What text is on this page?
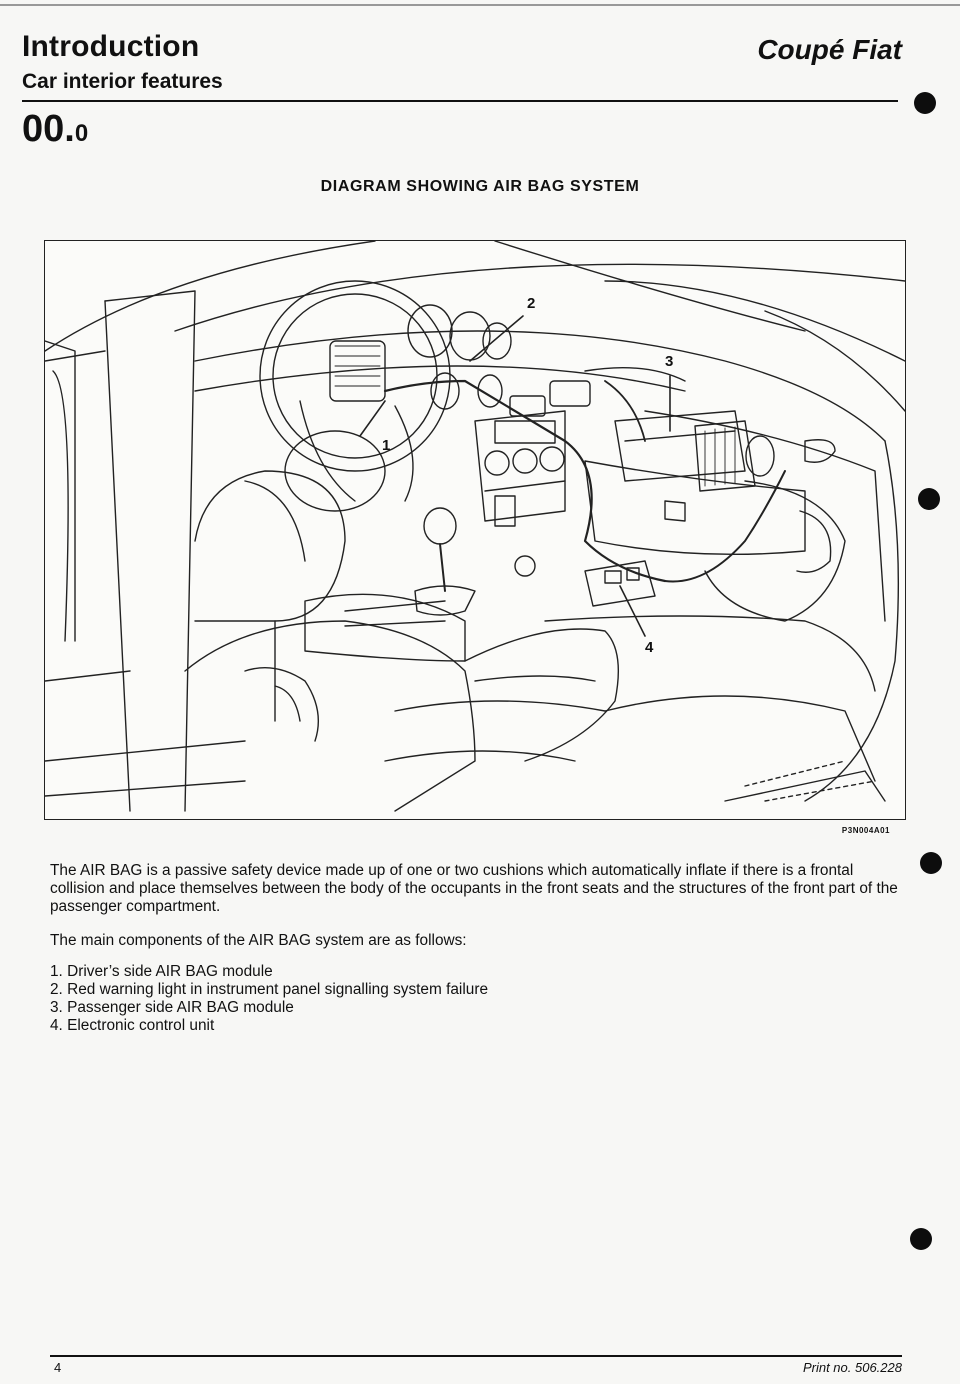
Introduction	Coupé Fiat
Car interior features
00.0
DIAGRAM SHOWING AIR BAG SYSTEM
1
2
3
4
P3N004A01
The AIR BAG is a passive safety device made up of one or two cushions which automatically inflate if there is a frontal collision and place themselves between the body of the occupants in the front seats and the structures of the front part of the passenger compartment.
The main components of the AIR BAG system are as follows:
1. Driver’s side AIR BAG module
2. Red warning light in instrument panel signalling system failure
3. Passenger side AIR BAG module
4. Electronic control unit
4	Print no. 506.228
